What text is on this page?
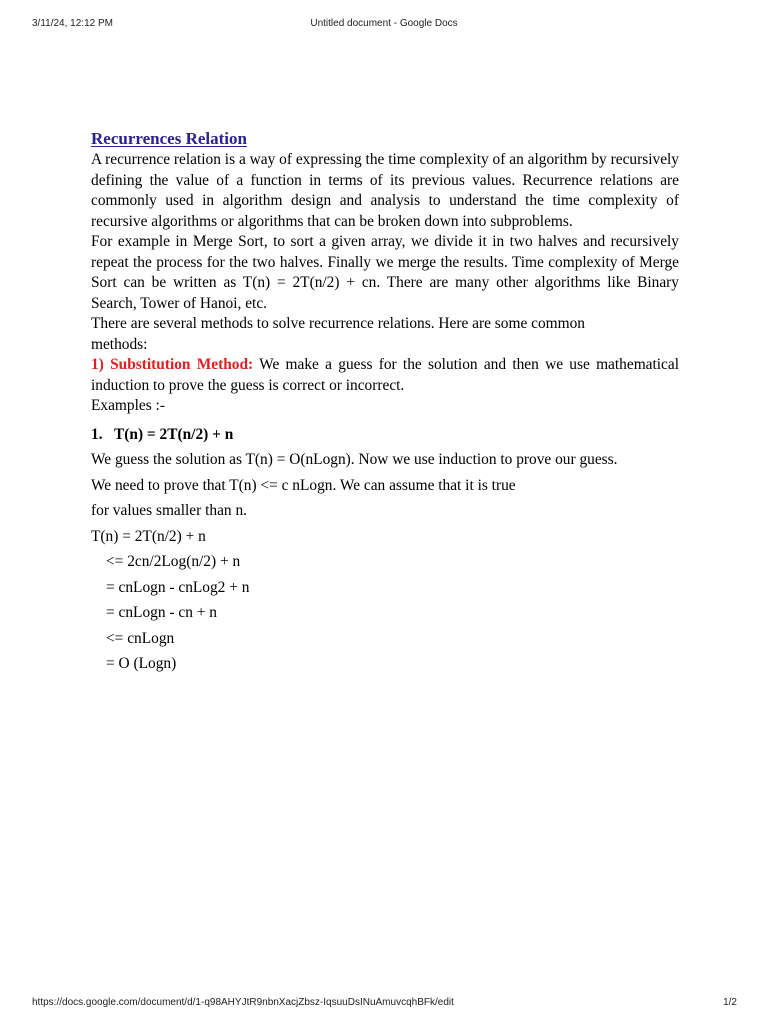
3/11/24, 12:12 PM	Untitled document - Google Docs

Recurrences Relation

A recurrence relation is a way of expressing the time complexity of an algorithm by recursively defining the value of a function in terms of its previous values. Recurrence relations are commonly used in algorithm design and analysis to understand the time complexity of recursive algorithms or algorithms that can be broken down into subproblems.

For example in Merge Sort, to sort a given array, we divide it in two halves and recursively repeat the process for the two halves. Finally we merge the results. Time complexity of Merge Sort can be written as T(n) = 2T(n/2) + cn. There are many other algorithms like Binary Search, Tower of Hanoi, etc.

There are several methods to solve recurrence relations. Here are some common

methods:

1) Substitution Method: We make a guess for the solution and then we use mathematical induction to prove the guess is correct or incorrect.

Examples :-

1. T(n) = 2T(n/2) + n

We guess the solution as T(n) = O(nLogn). Now we use induction to prove our guess.

We need to prove that T(n) <= c nLogn. We can assume that it is true

for values smaller than n.

T(n) = 2T(n/2) + n

<= 2cn/2Log(n/2) + n

= cnLogn - cnLog2 + n

= cnLogn - cn + n

<= cnLogn

= O (Logn)

https://docs.google.com/document/d/1-q98AHYJtR9nbnXacjZbsz-IqsuuDsINuAmuvcqhBFk/edit	1/2
